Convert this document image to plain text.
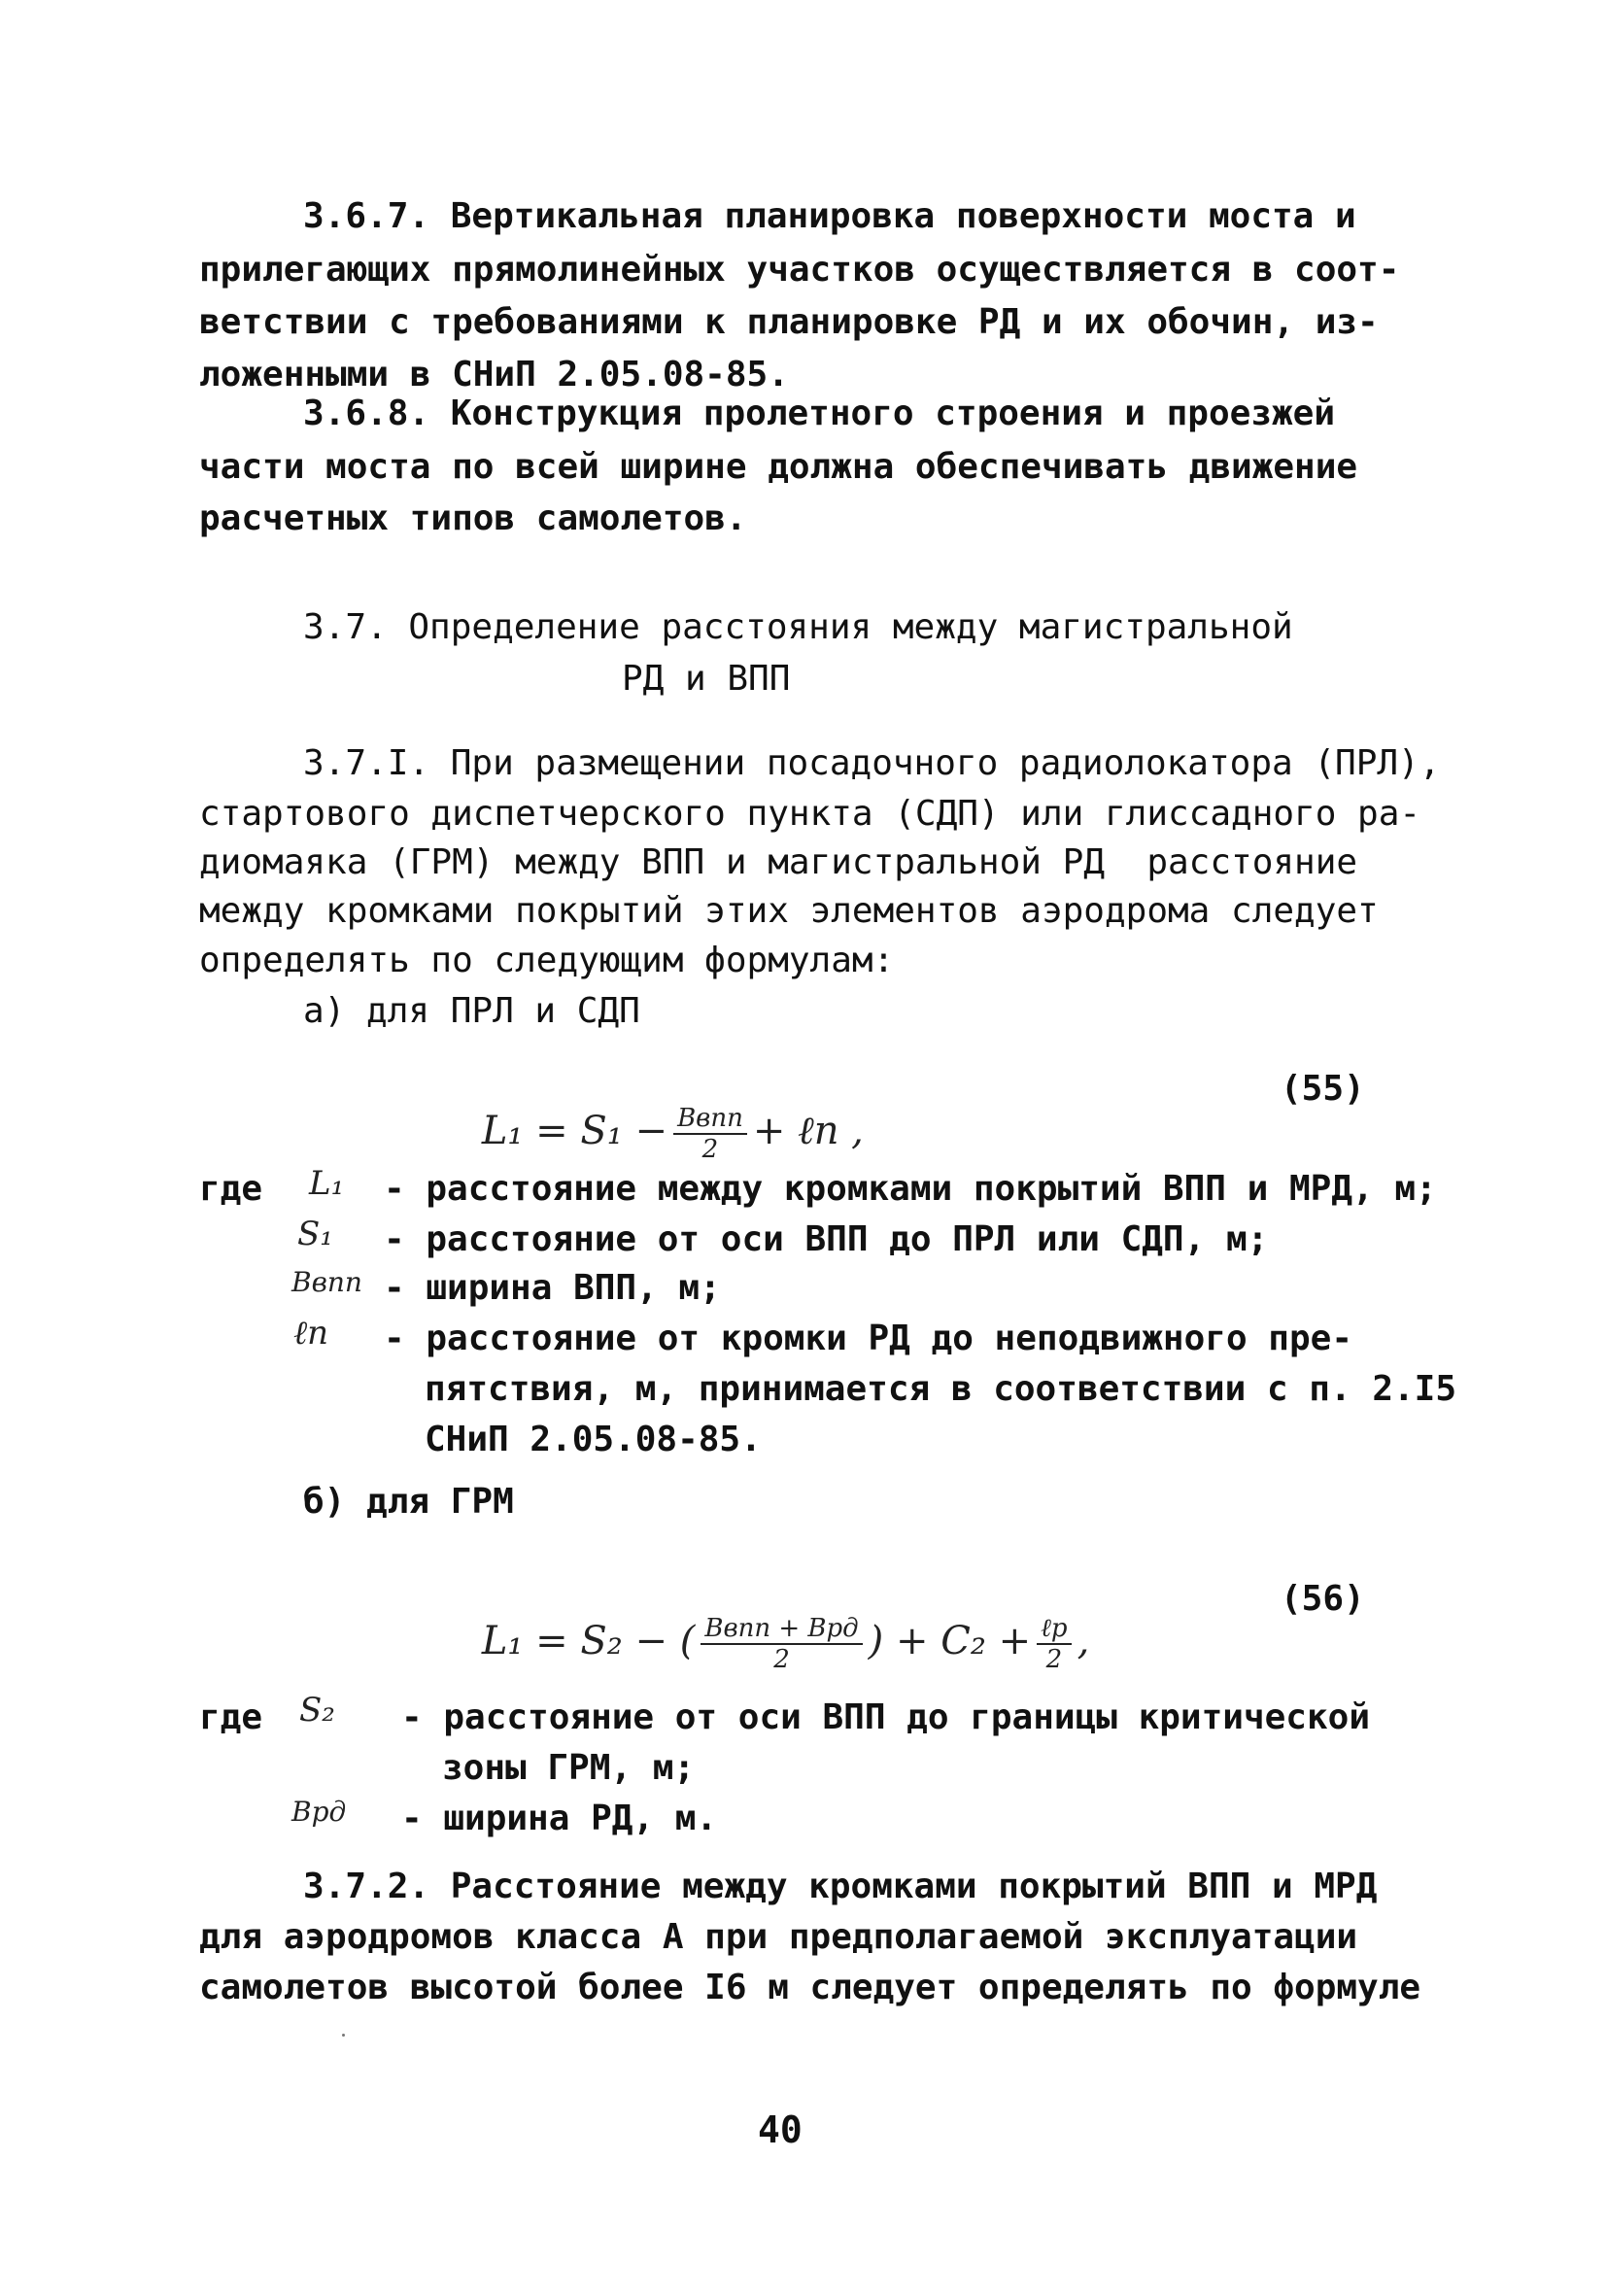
3.6.7. Вертикальная планировка поверхности моста и
прилегающих прямолинейных участков осуществляется в соот-
ветствии с требованиями к планировке РД и их обочин, из-
ложенными в СНиП 2.05.08-85.
3.6.8. Конструкция пролетного строения и проезжей
части моста по всей ширине должна обеспечивать движение
расчетных типов самолетов.
3.7. Определение расстояния между магистральной
РД и ВПП
3.7.I. При размещении посадочного радиолокатора (ПРЛ),
стартового диспетчерского пункта (СДП) или глиссадного ра-
диомаяка (ГРМ) между ВПП и магистральной РД  расстояние
между кромками покрытий этих элементов аэродрома следует
определять по следующим формулам:
а) для ПРЛ и СДП

$L_1 = S_1 - \frac{\text{Bвпп}}{2}$ + ℓп ,

(55)
где L₁ - расстояние между кромками покрытий ВПП и МРД, м;
S₁ - расстояние от оси ВПП до ПРЛ или СДП, м;
Bвпп - ширина ВПП, м;
ℓп - расстояние от кромки РД до неподвижного пре-
пятствия, м, принимается в соответствии с п. 2.I5
СНиП 2.05.08-85.
б) для ГРМ

L₁ = S₂ − ( $\frac{\text{Bвпп + Bрд}}{2}$ ) + $C_2 + \frac{\text{ℓр}}{2}$ ,

(56)
где S₂ - расстояние от оси ВПП до границы критической
зоны ГРМ, м;
Bрд - ширина РД, м.
3.7.2. Расстояние между кромками покрытий ВПП и МРД
для аэродромов класса А при предполагаемой эксплуатации
самолетов высотой более I6 м следует определять по формуле
40
